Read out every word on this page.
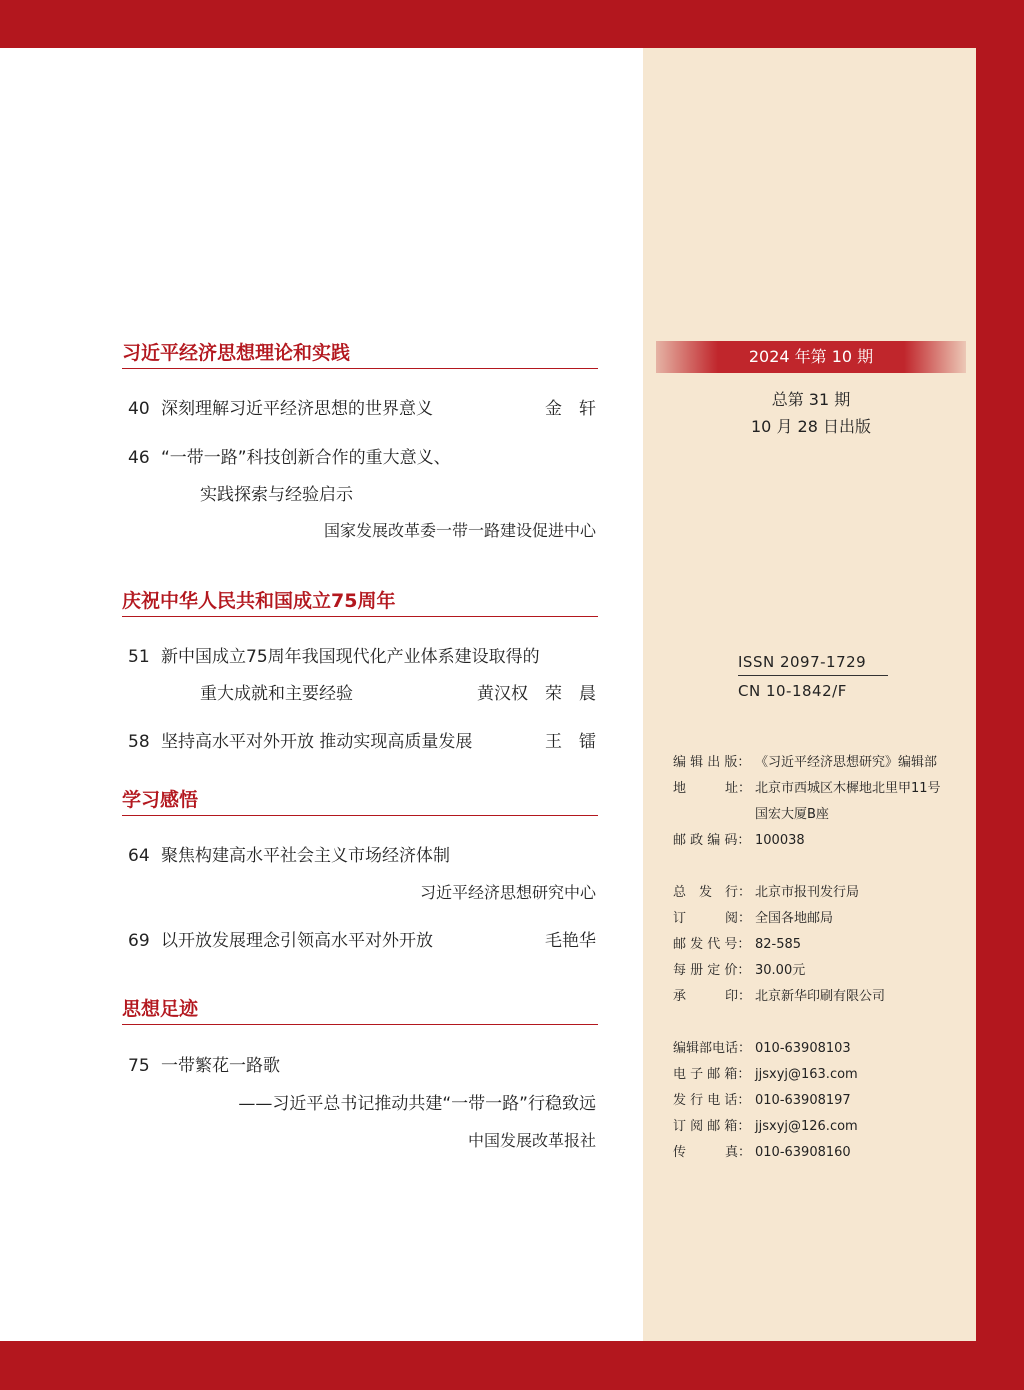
习近平经济思想理论和实践
40 深刻理解习近平经济思想的世界意义	金　轩
46 “一带一路”科技创新合作的重大意义、
实践探索与经验启示
国家发展改革委一带一路建设促进中心
庆祝中华人民共和国成立75周年
51 新中国成立75周年我国现代化产业体系建设取得的
重大成就和主要经验	黄汉权　荣　晨
58 坚持高水平对外开放 推动实现高质量发展	王　镭
学习感悟
64 聚焦构建高水平社会主义市场经济体制
习近平经济思想研究中心
69 以开放发展理念引领高水平对外开放	毛艳华
思想足迹
75 一带繁花一路歌
——习近平总书记推动共建“一带一路”行稳致远
中国发展改革报社
2024 年第 10 期
总第 31 期
10 月 28 日出版
ISSN 2097-1729
CN 10-1842/F
编 辑 出 版： 《习近平经济思想研究》编辑部
地　　　址： 北京市西城区木樨地北里甲11号
国宏大厦B座
邮 政 编 码： 100038
总　发　行： 北京市报刊发行局
订　　　阅： 全国各地邮局
邮 发 代 号： 82-585
每 册 定 价： 30.00元
承　　　印： 北京新华印刷有限公司
编辑部电话： 010-63908103
电 子 邮 箱： jjsxyj@163.com
发 行 电 话： 010-63908197
订 阅 邮 箱： jjsxyj@126.com
传　　　真： 010-63908160
